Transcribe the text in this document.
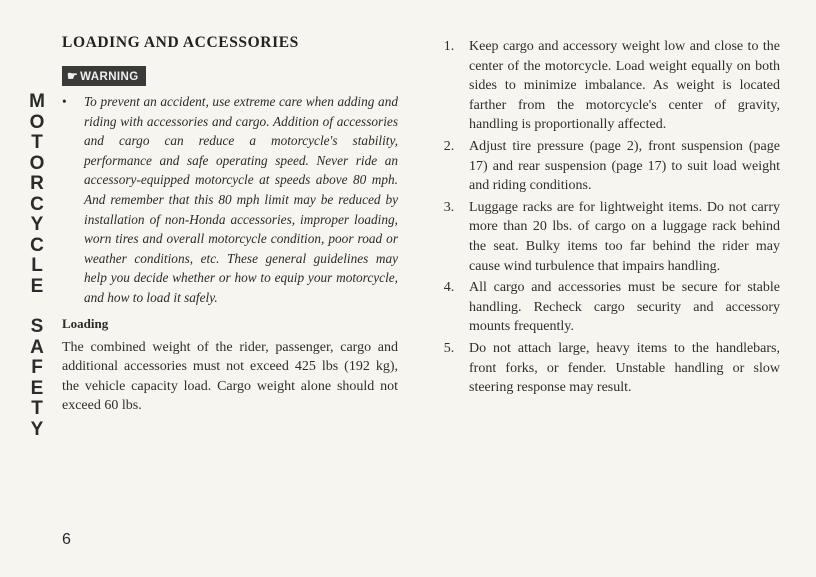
M
O
T
O
R
C
Y
C
L
E
S
A
F
E
T
Y
LOADING AND ACCESSORIES
☛ WARNING
• To prevent an accident, use extreme care when adding and riding with accessories and cargo. Addition of accessories and cargo can reduce a motorcycle's stability, performance and safe operating speed. Never ride an accessory-equipped motorcycle at speeds above 80 mph. And remember that this 80 mph limit may be reduced by installation of non-Honda accessories, improper loading, worn tires and overall motorcycle condition, poor road or weather conditions, etc. These general guidelines may help you decide whether or how to equip your motorcycle, and how to load it safely.
Loading
The combined weight of the rider, passenger, cargo and additional accessories must not exceed 425 lbs (192 kg), the vehicle capacity load. Cargo weight alone should not exceed 60 lbs.
6
1.	Keep cargo and accessory weight low and close to the center of the motorcycle. Load weight equally on both sides to minimize imbalance. As weight is located farther from the motorcycle's center of gravity, handling is proportionally affected.
2.	Adjust tire pressure (page 2), front suspension (page 17) and rear suspension (page 17) to suit load weight and riding conditions.
3.	Luggage racks are for lightweight items. Do not carry more than 20 lbs. of cargo on a luggage rack behind the seat. Bulky items too far behind the rider may cause wind turbulence that impairs handling.
4.	All cargo and accessories must be secure for stable handling. Recheck cargo security and accessory mounts frequently.
5.	Do not attach large, heavy items to the handlebars, front forks, or fender. Unstable handling or slow steering response may result.
